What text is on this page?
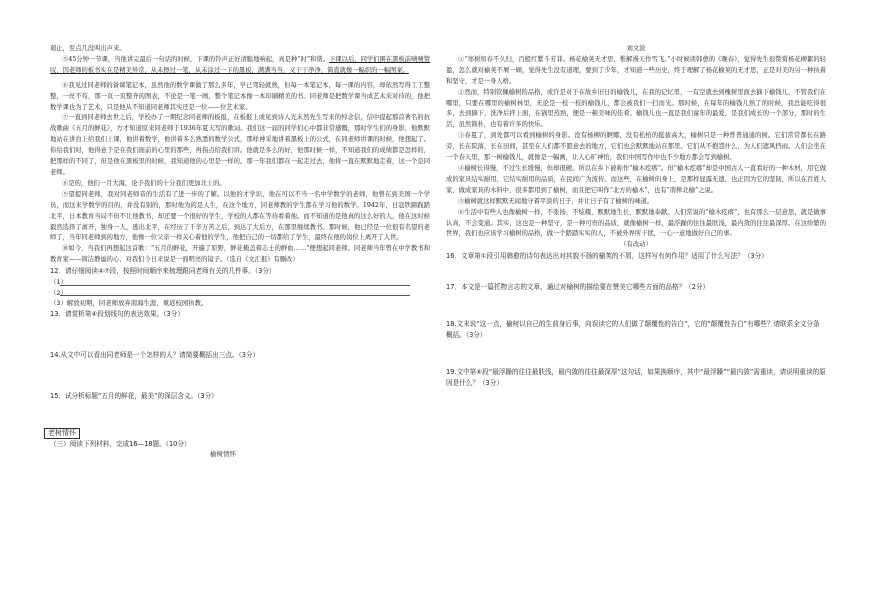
艰止，至点几没叫出声来。

⑤45分钟一节课，当他讲完最后一句话的时候，下课的铃声正好清脆地响起，真是种“时”和谐。下课以后，同学们围在黑板前啧啧赞叹，因老师的板书实在是精美异常，从未擦过一笔，从未涂过一下的黑板，满满当当，又干干净净，简直就像一幅织的一幅图案。

⑥我见过同老师的备课笔记本，虽然他的数学课做了那么多年，早已驾轻就熟，但每一本笔记本，每一课的内容，却依然写得工工整整，一丝不苟，那一页一页整齐的图表，不论是一笔一画，整个笔记本像一本印刷精美的书。同老师是把数学课当成艺术来对待的，他把数学课也为了艺术，只是他从不知道同老师其实还是一位——位艺术家。

⑦一直到同老师去世之后，学校办了一期纪念同老师的板报，在板报上或见到诗人光未然先生写来的悼念信，信中提起那首著名的抗战歌曲《五月的鲜花》，方才知道原来同老师于1936年夏天写的歌词。我们这一届的同学们心中都非常感慨，那时学生们的身影，他默默地站在讲台上给我们上课，他讲着数学，他讲着多么熟悉的数学公式，那样神采地讲着黑板上的公式，在同老师讲课的时候，他想起了。你给我们时，他得意于是在我们面前的心里的那些，再指点给我们讲。他就是多么的好，他那时候一样，不知道我们的成绩都是怎样的，把那样的不同了，但是他在黑板里的时候，我知道他的心里是一样的。那一年我们都在一起走过去，他将一直在默默地走着，这一个是同老师。

⑧是的，他们一月大海，论予我们的十分我们更加北上的。

⑨望提同老师，我对同老师音的生活有了进一步的了解。以他的才学识，他在可以不当一名中学数学的老师，他曾在到美国一个学员，而这来学数学的目的，并没有别的，那时他为的是人生，在这个地方，同老师教的学生都在学习他的数学。1942年，日寇铁蹄践踏北平，日本教育当局不但不让他教书，却还要一个很好的学生，学校的人都在等待看着他。而不知道的是他真的这么好的人，他在这时候毅然选择了离开，独身一人，逃出北平，在经历了千辛万苦之后，到达了大后方，在那里继续教书。那时候，他已经是一位很有名望的老师了，当年同老师到的地方，他像一位父亲一样关心着他的学生，他把自己的一切都给了学生，最终在他的岗位上离开了人世。

⑩如今，当我们再想起这首歌：“五月的鲜花，开遍了原野，鲜花掩盖着志士的鲜血……”便想起同老师。同老师当年曾在中学教书和教育家——简洁静谧的心，对我们今日来说是一面明亮的镜子。（选自《文汇报》有删改）

12．请仔细阅读④⑦段，按照时间顺序来梳理跟同老师有关的几件事。（3分）

（1）
（2）
（3）解放初期，同老师放弃南海生涯，重返校园执教。

13．请赏析第④段划线句的表达效果。（3分）

14.从文中可以看出同老师是一个怎样的人？请简要概括出三点。（3分）

15．试分析标题“五月的鲜花，最美”的深层含义。（3分）

老树情怀

（三）阅读下列材料，完成16—18题。（10分）

榆树情怀

刘文波

①“寒树知春不久归，百般红紫斗芳菲。杨花榆荚无才思，惟解漫天作雪飞。”小时候读韩愈的《晚春》，觉得先生很赞赏杨花柳絮的轻盈，怎么就对榆荚不屑一顾，觉得先生没有道理，要到了少年，才知道一些历史，终于理解了杨花榆荚的无才思，正是对美的另一种执着和坚守，才是一身人格。

②然而，特别钦佩榆树的品格，或许是对于在故乡旧日的榆钱儿，在我的记忆里，一有空就去到槐树里面去摘下榆钱儿，不管我们在哪里，只要在哪里的榆树林里，无论是一枝一枝的榆钱儿，都会被我们一扫而光。那时候，在每年的榆钱儿熟了的时候，我总能吃得很多，去到摘下，洗净后拌上面，在锅里蒸熟，便是一顿美味的佳肴。榆钱儿也一直是我们童年的最爱，是我们成长的一个部分，那时的生活，虽然简朴，也有着许多的快乐。

③春夏了，到处都可以看到榆树的身影。没有杨柳的婀娜，没有松柏的挺拔高大，榆树只是一种普普通通的树。它们常常都长在路旁，长在院落，长在田间，甚至在人们都不愿意去的地方，它们也会默默地站在那里。它们从不抱怨什么，为人们遮风挡雨。人们会坐在一个春天里，那一树榆钱儿，就像是一幅画，让人心旷神怡，我们中国写作中也不少地方都会写到榆树。

④榆树长得慢，不过生长缓慢，但却很硬。所以在乡下被称作“榆木疙瘩”。但“榆木疙瘩”却是中国古人一直看好的一种木材，用它做成的家具结实耐用，它结实耐用的品质，在民间广为流传。而这些，在榆树的身上，是那样显露无遗，也正因为它的坚韧，所以在百姓人家，做成家具的木料中，很多都用到了榆树，而且把它叫作“北方的榆木”，也有“南榉北榆”之说。

⑤榆树就这样默默无闻地守着平淡的日子，并让日子有了榆树的味道。

⑥生活中有些人也像榆树一样，不张扬，不炫耀，默默地生长，默默地奉献。人们常说的“榆木疙瘩”，也有那么一层意思，就是做事认真，不会变通。其实，这也是一种坚守，是一种可贵的品质，就像榆树一样，最浮躁的往往最肤浅，最内敛的往往最深厚。在这纷繁的世界，我们也应该学习榆树的品格，做一个踏踏实实的人，不被外界所干扰，一心一意地做好自己的事。

（有改动）

16．文章第①段引用韩愈的诗句表达出对其貌不扬的榆荚的不屑，这样写有何作用？适用了什么写法？（3分）

17．本文是一篇托物言志的文章，通过对榆树的描绘要在赞美它哪些方面的品格？（2分）

18.文末说“这一点，榆树以自己的生前身后事，向误读它的人们做了颠覆性的告白”，它的“颠覆性告白”有哪些？请联系全文分条概括。（3分）

19.文中第⑥段“最浮躁的往往最肤浅，最内敛的往往最深厚”这句话，如果换顺序，其中“最浮躁”“最内敛”需重读，请说明重读的原因是什么？（3分）
